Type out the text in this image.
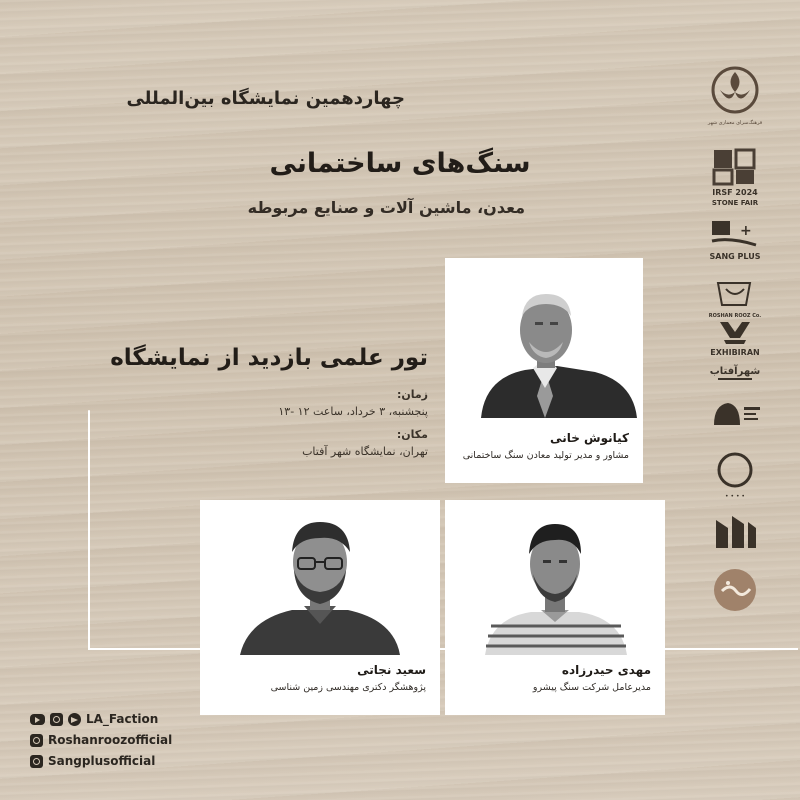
چهاردهمین نمایشگاه بین‌المللی
سنگ‌های ساختمانی
معدن، ماشین آلات و صنایع مربوطه
تور علمی بازدید از نمایشگاه
زمان:
پنجشنبه، ۳ خرداد، ساعت ۱۲ -۱۳
مکان:
تهران، نمایشگاه شهر آفتاب
کیانوش خانی
مشاور و مدیر تولید معادن سنگ ساختمانی
سعید نجاتی
پژوهشگر دکتری مهندسی زمین شناسی
مهدی حیدرزاده
مدیرعامل شرکت سنگ پیشرو
فرهنگ‌سرای معماری شهر
IRSF 2024
STONE FAIR
+
SANG PLUS
ROSHAN ROOZ Co.
EXHIBIRAN
شهرآفتاب
• • • •
LA_Faction
Roshanroozofficial
Sangplusofficial
